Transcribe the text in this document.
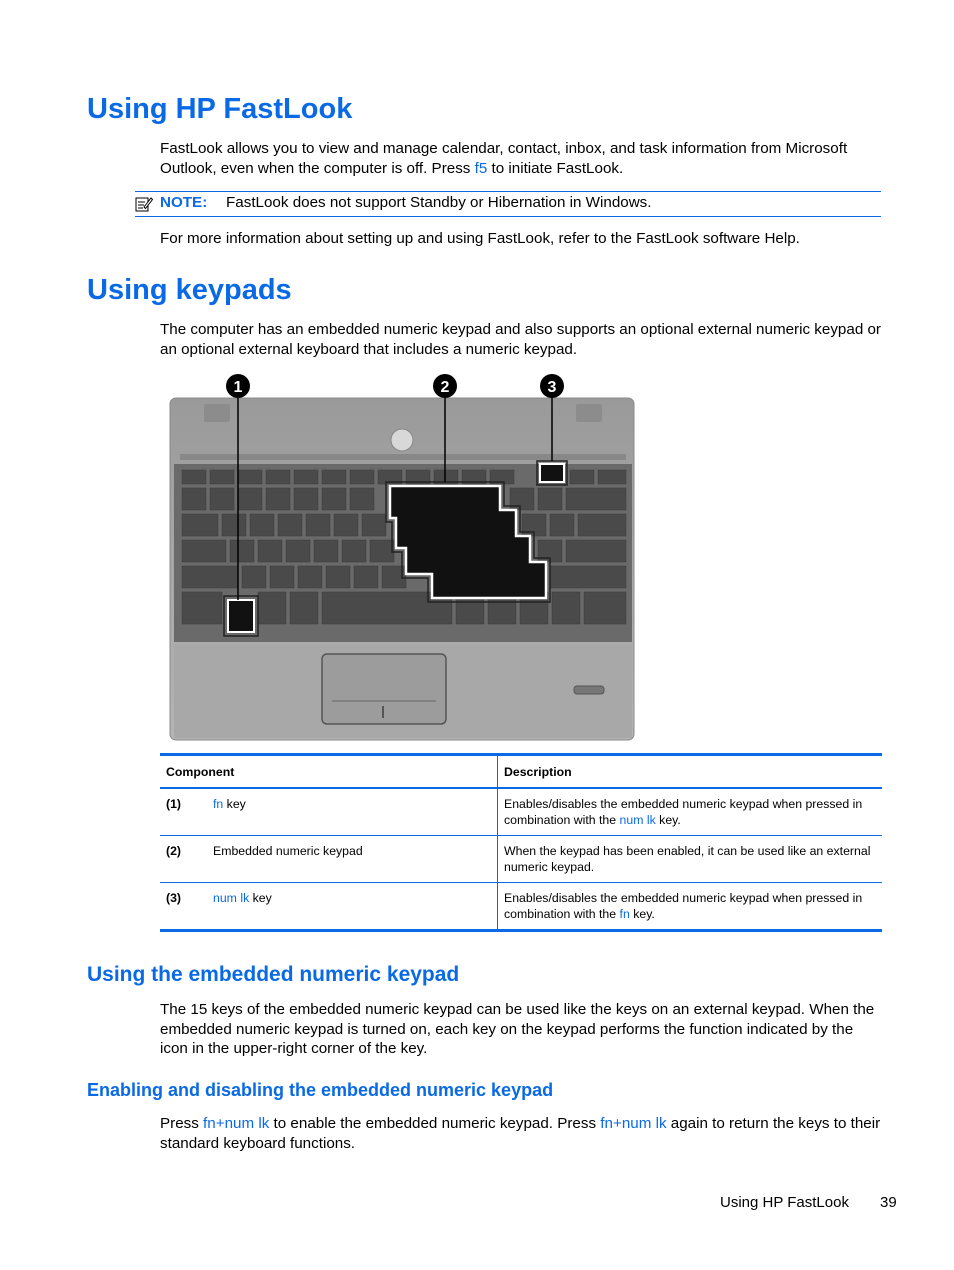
Using HP FastLook

FastLook allows you to view and manage calendar, contact, inbox, and task information from Microsoft Outlook, even when the computer is off. Press f5 to initiate FastLook.

NOTE: FastLook does not support Standby or Hibernation in Windows.

For more information about setting up and using FastLook, refer to the FastLook software Help.

Using keypads

The computer has an embedded numeric keypad and also supports an optional external numeric keypad or an optional external keyboard that includes a numeric keypad.

1	2	3
Component		Description
(1)	fn key	Enables/disables the embedded numeric keypad when pressed in combination with the num lk key.
(2)	Embedded numeric keypad	When the keypad has been enabled, it can be used like an external numeric keypad.
(3)	num lk key	Enables/disables the embedded numeric keypad when pressed in combination with the fn key.
Using the embedded numeric keypad

The 15 keys of the embedded numeric keypad can be used like the keys on an external keypad. When the embedded numeric keypad is turned on, each key on the keypad performs the function indicated by the icon in the upper-right corner of the key.

Enabling and disabling the embedded numeric keypad

Press fn+num lk to enable the embedded numeric keypad. Press fn+num lk again to return the keys to their standard keyboard functions.

Using HP FastLook 39
